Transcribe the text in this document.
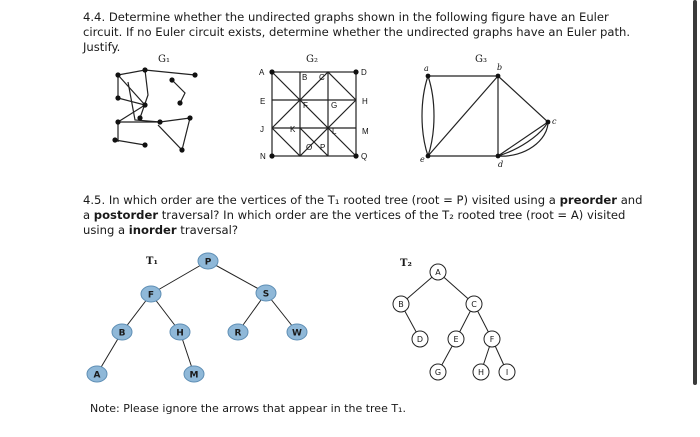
4.4. Determine whether the undirected graphs shown in the following figure have an Euler circuit. If no Euler circuit exists, determine whether the undirected graphs have an Euler path. Justify.
G₁	G₂	G₃
A
B C
D
E	F	G	H
J	K	L	M
N
O P
Q
a	b
c
d
e
4.5. In which order are the vertices of the T₁ rooted tree (root = P) visited using a preorder and a postorder traversal? In which order are the vertices of the T₂ rooted tree (root = A) visited using a inorder traversal?
T₁	T₂
P
F	S
B	H	R	W
A	M
A
B	C
D	E	F
G	H	I
Note: Please ignore the arrows that appear in the tree T₁.
